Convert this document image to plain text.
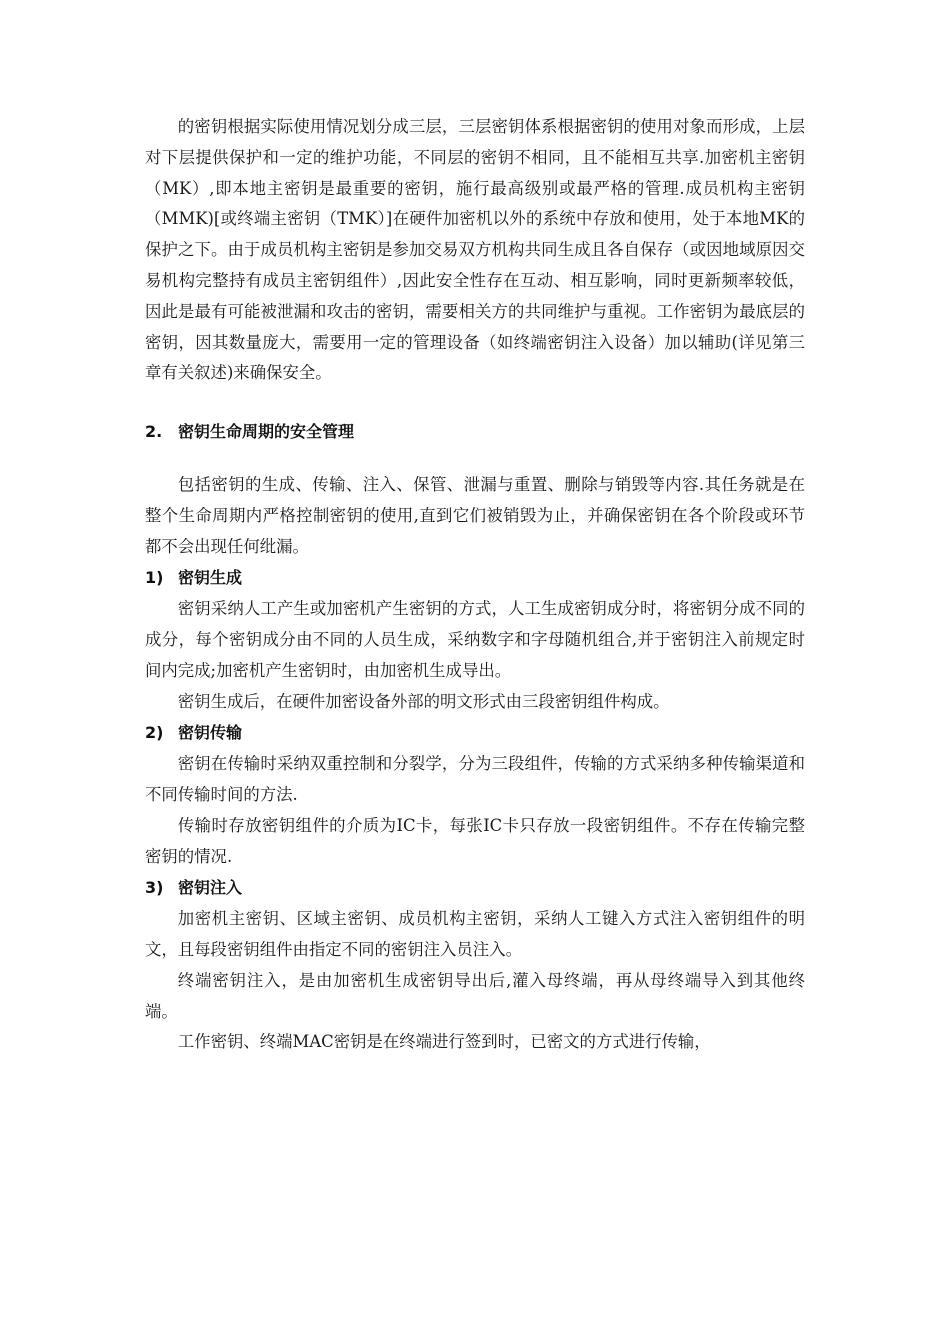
的密钥根据实际使用情况划分成三层，三层密钥体系根据密钥的使用对象而形成，上层对下层提供保护和一定的维护功能，不同层的密钥不相同，且不能相互共享.加密机主密钥（MK）,即本地主密钥是最重要的密钥，施行最高级别或最严格的管理.成员机构主密钥（MMK)[或终端主密钥（TMK）]在硬件加密机以外的系统中存放和使用，处于本地MK的保护之下。由于成员机构主密钥是参加交易双方机构共同生成且各自保存（或因地域原因交易机构完整持有成员主密钥组件）,因此安全性存在互动、相互影响，同时更新频率较低，因此是最有可能被泄漏和攻击的密钥，需要相关方的共同维护与重视。工作密钥为最底层的密钥，因其数量庞大，需要用一定的管理设备（如终端密钥注入设备）加以辅助(详见第三章有关叙述)来确保安全。

2. 密钥生命周期的安全管理

包括密钥的生成、传输、注入、保管、泄漏与重置、删除与销毁等内容.其任务就是在整个生命周期内严格控制密钥的使用,直到它们被销毁为止，并确保密钥在各个阶段或环节都不会出现任何纰漏。

1) 密钥生成

密钥采纳人工产生或加密机产生密钥的方式，人工生成密钥成分时，将密钥分成不同的成分，每个密钥成分由不同的人员生成，采纳数字和字母随机组合,并于密钥注入前规定时间内完成;加密机产生密钥时，由加密机生成导出。

密钥生成后，在硬件加密设备外部的明文形式由三段密钥组件构成。

2) 密钥传输

密钥在传输时采纳双重控制和分裂学，分为三段组件，传输的方式采纳多种传输渠道和不同传输时间的方法.

传输时存放密钥组件的介质为IC卡，每张IC卡只存放一段密钥组件。不存在传输完整密钥的情况.

3) 密钥注入

加密机主密钥、区域主密钥、成员机构主密钥，采纳人工键入方式注入密钥组件的明文，且每段密钥组件由指定不同的密钥注入员注入。

终端密钥注入，是由加密机生成密钥导出后,灌入母终端，再从母终端导入到其他终端。

工作密钥、终端MAC密钥是在终端进行签到时，已密文的方式进行传输，
